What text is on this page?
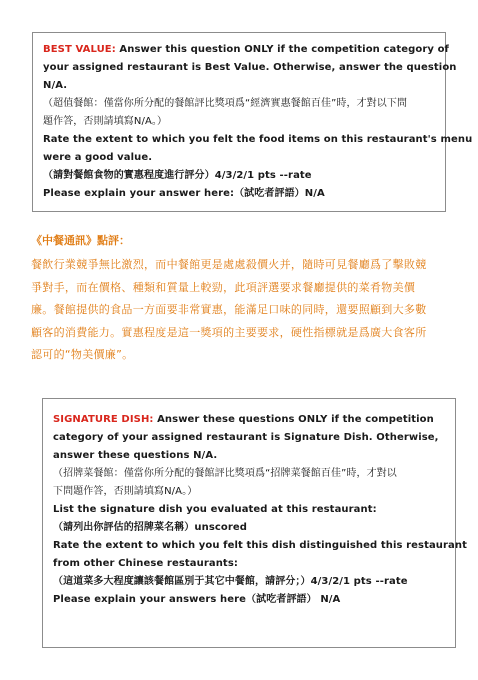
BEST VALUE: Answer this question ONLY if the competition category of
your assigned restaurant is Best Value. Otherwise, answer the question
N/A.
（超值餐館：僅當你所分配的餐館評比獎項爲“經濟實惠餐館百佳”時，才對以下問
題作答，否則請填寫N/A。）
Rate the extent to which you felt the food items on this restaurant's menu
were a good value.
（請對餐館食物的實惠程度進行評分）4/3/2/1 pts --rate
Please explain your answer here:（試吃者評語）N/A
《中餐通訊》點評：
餐飲行業競爭無比激烈，而中餐館更是處處殺價火并，隨時可見餐廳爲了擊敗競
爭對手，而在價格、種類和質量上較勁，此項評選要求餐廳提供的菜肴物美價
廉。餐館提供的食品一方面要非常實惠，能滿足口味的同時，還要照顧到大多數
顧客的消費能力。實惠程度是這一獎項的主要要求，硬性指標就是爲廣大食客所
認可的“物美價廉”。
SIGNATURE DISH: Answer these questions ONLY if the competition
category of your assigned restaurant is Signature Dish. Otherwise,
answer these questions N/A.
（招牌菜餐館：僅當你所分配的餐館評比獎項爲“招牌菜餐館百佳”時，才對以
下問題作答，否則請填寫N/A。）
List the signature dish you evaluated at this restaurant:
（請列出你評估的招牌菜名稱）unscored
Rate the extent to which you felt this dish distinguished this restaurant
from other Chinese restaurants:
（這道菜多大程度讓該餐館區別于其它中餐館，請評分；）4/3/2/1 pts --rate
Please explain your answers here（試吃者評語） N/A
